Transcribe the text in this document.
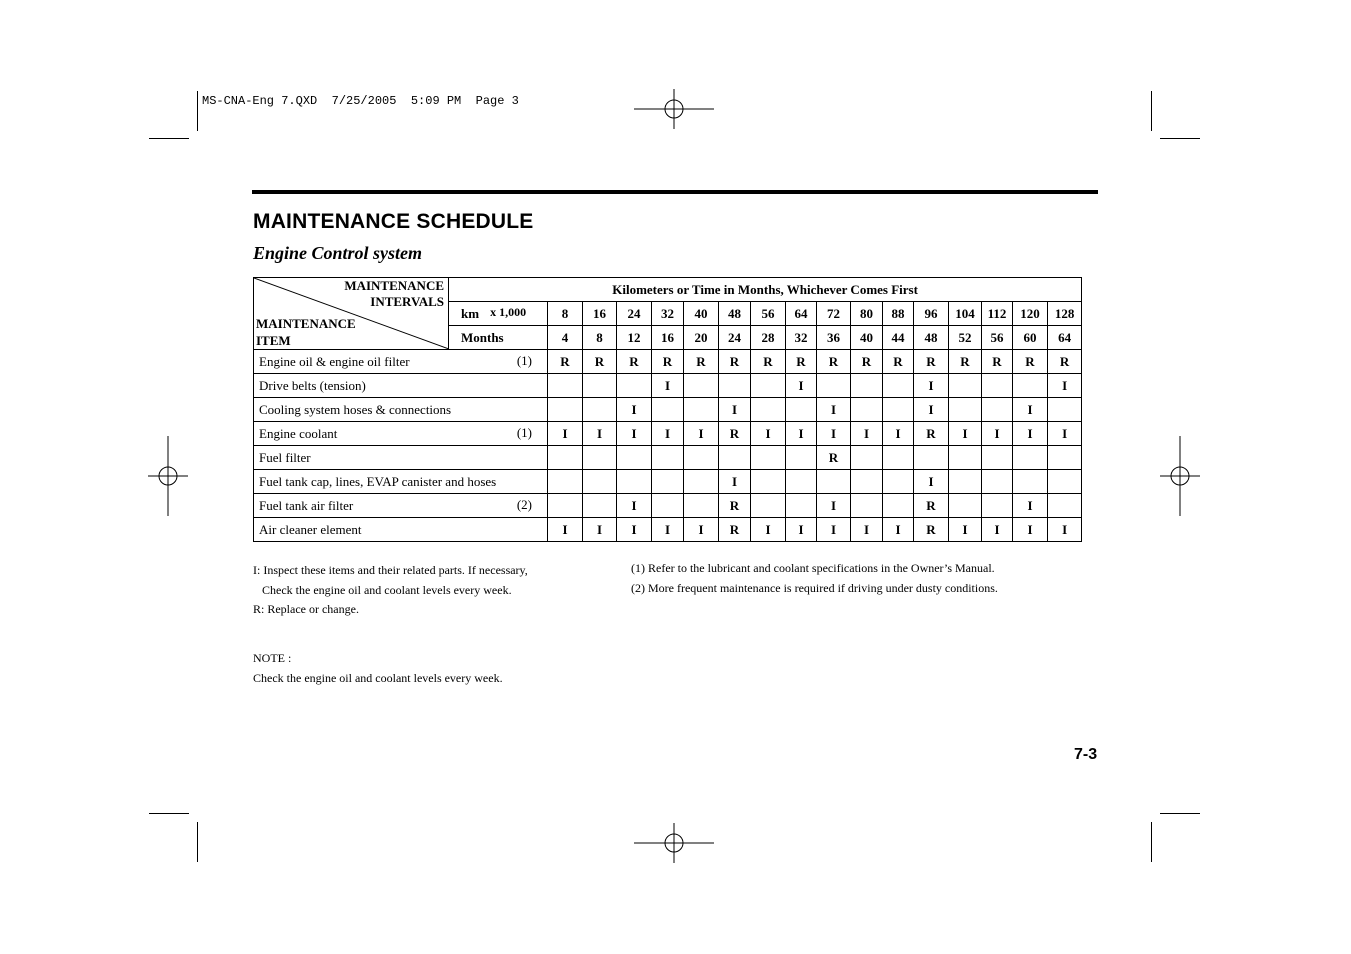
MS-CNA-Eng 7.QXD  7/25/2005  5:09 PM  Page 3
MAINTENANCE SCHEDULE
Engine Control system
MAINTENANCE
INTERVALS
MAINTENANCE
ITEM	Kilometers or Time in Months, Whichever Comes First																
	km x 1,000	8	16	24	32	40	48	56	64	72	80	88	96	104	112	120	128
	Months	4	8	12	16	20	24	28	32	36	40	44	48	52	56	60	64
Engine oil & engine oil filter (1)		R	R	R	R	R	R	R	R	R	R	R	R	R	R	R	R
Drive belts (tension)					I				I				I				I
Cooling system hoses & connections				I			I			I			I			I	
Engine coolant (1)		I	I	I	I	I	R	I	I	I	I	I	R	I	I	I	I
Fuel filter										R							
Fuel tank cap, lines, EVAP canister and hoses							I						I				
Fuel tank air filter (2)				I			R			I			R			I	
Air cleaner element		I	I	I	I	I	R	I	I	I	I	I	R	I	I	I	I
I: Inspect these items and their related parts. If necessary,
Check the engine oil and coolant levels every week.
R: Replace or change.
(1) Refer to the lubricant and coolant specifications in the Owner’s Manual.
(2) More frequent maintenance is required if driving under dusty conditions.
NOTE :
Check the engine oil and coolant levels every week.
7-3
